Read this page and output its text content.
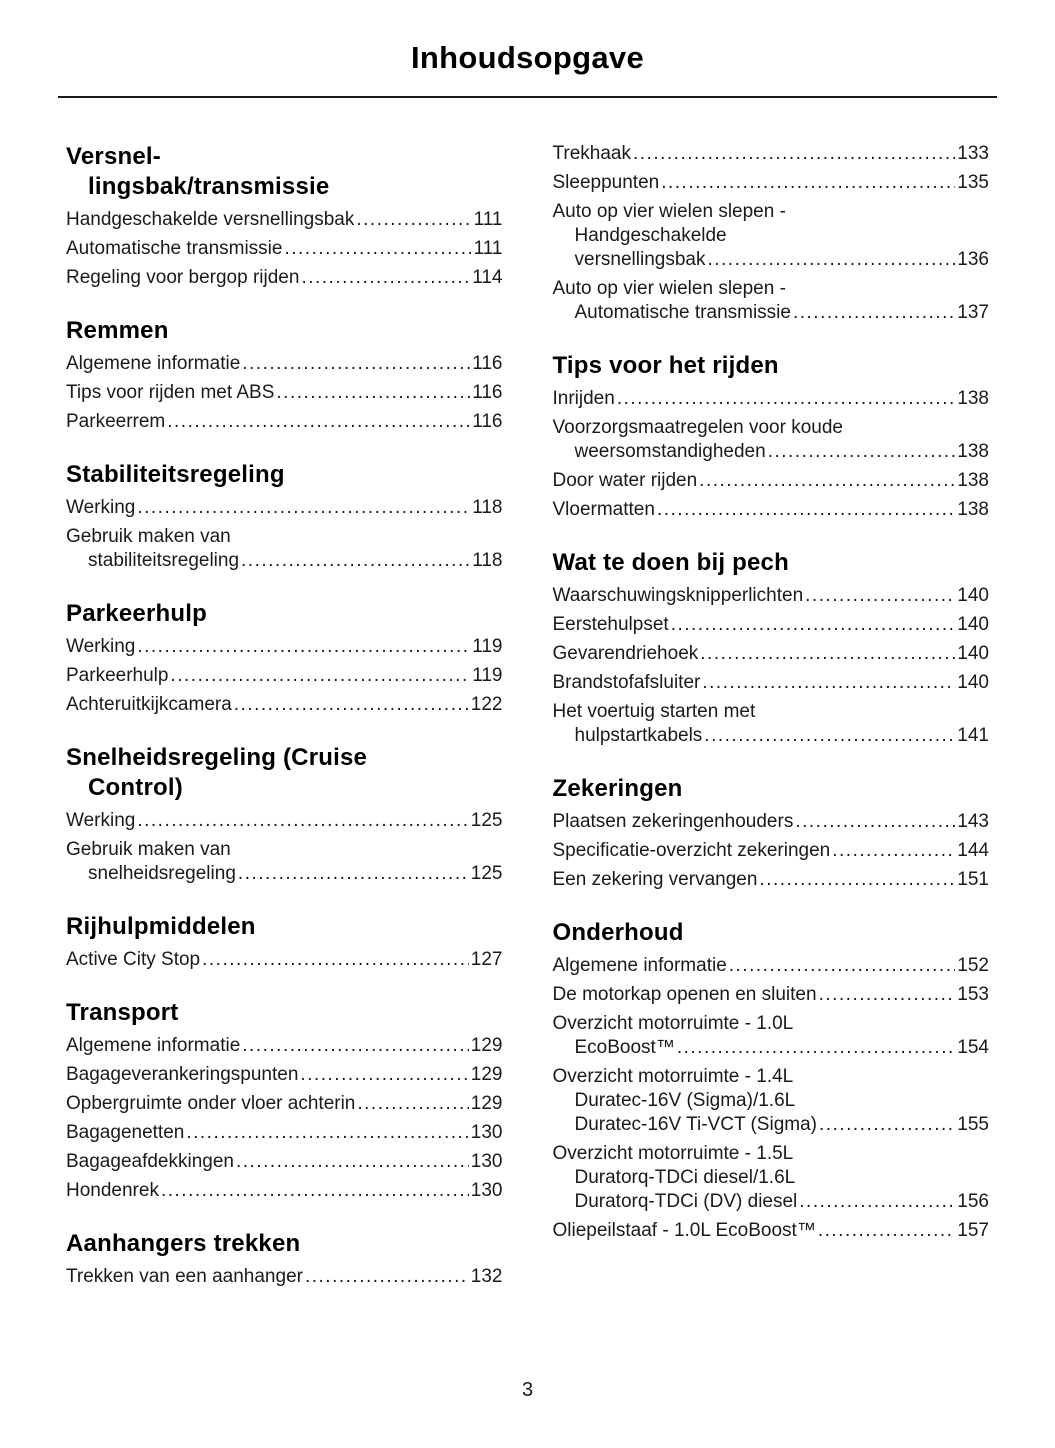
Inhoudsopgave
Versnel-
lingsbak/transmissie
Handgeschakelde versnellingsbak .....	111
Automatische transmissie .....	111
Regeling voor bergop rijden .....	114
Remmen
Algemene informatie .....	116
Tips voor rijden met ABS .....	116
Parkeerrem .....	116
Stabiliteitsregeling
Werking .....	118
Gebruik maken van
stabiliteitsregeling .....	118
Parkeerhulp
Werking .....	119
Parkeerhulp .....	119
Achteruitkijkcamera .....	122
Snelheidsregeling (Cruise
Control)
Werking .....	125
Gebruik maken van
snelheidsregeling .....	125
Rijhulpmiddelen
Active City Stop .....	127
Transport
Algemene informatie .....	129
Bagageverankeringspunten .....	129
Opbergruimte onder vloer achterin .....	129
Bagagenetten .....	130
Bagageafdekkingen .....	130
Hondenrek .....	130
Aanhangers trekken
Trekken van een aanhanger .....	132
Trekhaak .....	133
Sleeppunten .....	135
Auto op vier wielen slepen -
Handgeschakelde
versnellingsbak .....	136
Auto op vier wielen slepen -
Automatische transmissie .....	137
Tips voor het rijden
Inrijden .....	138
Voorzorgsmaatregelen voor koude
weersomstandigheden .....	138
Door water rijden .....	138
Vloermatten .....	138
Wat te doen bij pech
Waarschuwingsknipperlichten .....	140
Eerstehulpset .....	140
Gevarendriehoek .....	140
Brandstofafsluiter .....	140
Het voertuig starten met
hulpstartkabels .....	141
Zekeringen
Plaatsen zekeringenhouders .....	143
Specificatie-overzicht zekeringen .....	144
Een zekering vervangen .....	151
Onderhoud
Algemene informatie .....	152
De motorkap openen en sluiten .....	153
Overzicht motorruimte - 1.0L
EcoBoost™ .....	154
Overzicht motorruimte - 1.4L
Duratec-16V (Sigma)/1.6L
Duratec-16V Ti-VCT (Sigma) .....	155
Overzicht motorruimte - 1.5L
Duratorq-TDCi diesel/1.6L
Duratorq-TDCi (DV) diesel .....	156
Oliepeilstaaf - 1.0L EcoBoost™ .....	157
3
